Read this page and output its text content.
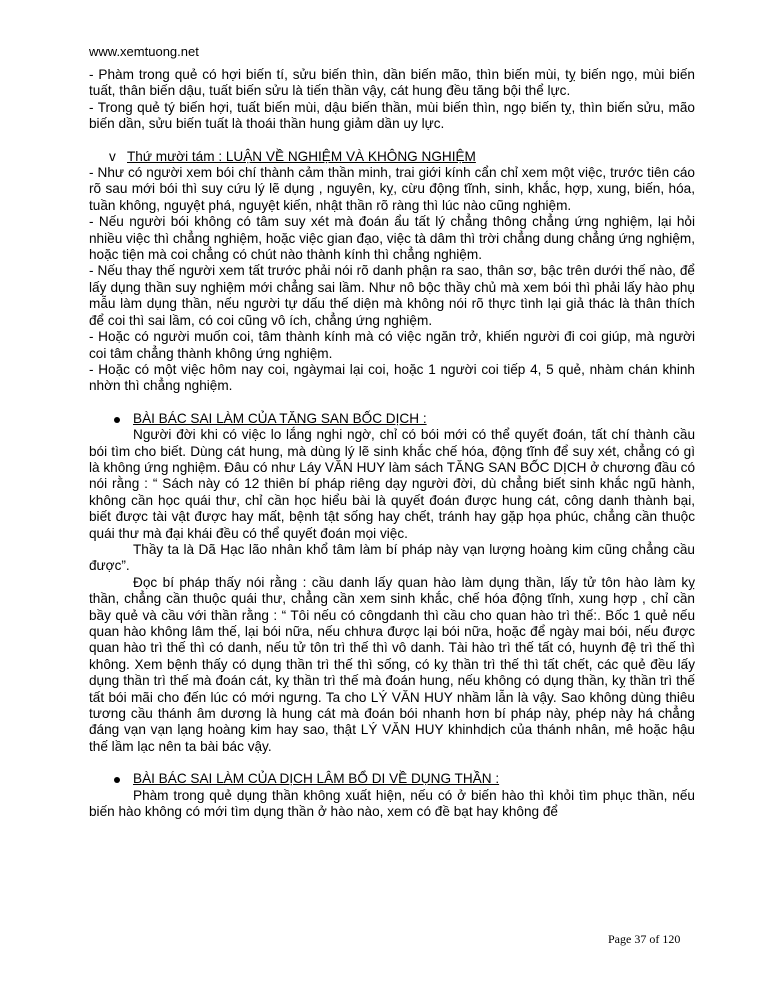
www.xemtuong.net

- Phàm trong quẻ có hợi biến tí, sửu biến thìn, dần biến mão, thìn biến mùi, tỵ biến ngọ, mùi biến tuất, thân biến dậu, tuất biến sửu là tiến thần vậy, cát hung đều tăng bội thể lực.

- Trong quẻ tý biến hợi, tuất biến mùi, dậu biến thần, mùi biến thìn, ngọ biến tỵ, thìn biến sửu, mão biến dần, sửu biến tuất là thoái thần hung giảm dần uy lực.

v Thứ mười tám : LUẬN VỀ NGHIỆM VÀ KHÔNG NGHIỆM

- Như có người xem bói chí thành cảm thần minh, trai giới kính cẩn chỉ xem một việc, trước tiên cáo rõ sau mới bói thì suy cứu lý lẽ dụng , nguyên, kỵ, cừu động tĩnh, sinh, khắc, hợp, xung, biến, hóa, tuần không, nguyệt phá, nguyệt kiến, nhật thần rõ ràng thì lúc nào cũng nghiệm.

- Nếu người bói không có tâm suy xét mà đoán ẩu tất lý chẳng thông chẳng ứng nghiệm, lại hỏi nhiều việc thì chẳng nghiệm, hoặc việc gian đạo, việc tà dâm thì trời chẳng dung chẳng ứng nghiệm, hoặc tiện mà coi chẳng có chút nào thành kính thì chẳng nghiệm.

- Nếu thay thế người xem tất trước phải nói rõ danh phận ra sao, thân sơ, bậc trên dưới thế nào, để lấy dụng thần suy nghiệm mới chẳng sai lầm. Như nô bộc thầy chủ mà xem bói thì phải lấy hào phụ mẫu làm dụng thần, nếu người tự dấu thế diện mà không nói rõ thực tình lại giả thác là thân thích để coi thì sai lầm, có coi cũng vô ích, chẳng ứng nghiệm.

- Hoặc có người muốn coi, tâm thành kính mà có việc ngăn trở, khiến người đi coi giúp, mà người coi tâm chẳng thành không ứng nghiệm.

- Hoặc có một việc hôm nay coi, ngàymai lại coi, hoặc 1 người coi tiếp 4, 5 quẻ, nhàm chán khinh nhờn thì chẳng nghiệm.

BÀI BÁC SAI LÀM CỦA TĂNG SAN BỐC DỊCH :

Người đời khi có việc lo lắng nghi ngờ, chỉ có bói mới có thể quyết đoán, tất chí thành cầu bói tìm cho biết. Dùng cát hung, mà dùng lý lẽ sinh khắc chế hóa, động tĩnh để suy xét, chẳng có gì là không ứng nghiệm. Đâu có như Láy VĂN HUY làm sách TĂNG SAN BỐC DỊCH ở chương đầu có nói rằng : “ Sách này có 12 thiên bí pháp riêng dạy người đời, dù chẳng biết sinh khắc ngũ hành, không cần học quái thư, chỉ cần học hiểu bài là quyết đoán được hung cát, công danh thành bại, biết được tài vật được hay mất, bệnh tật sống hay chết, tránh hay gặp họa phúc, chẳng cần thuộc quái thư mà đại khái đều có thể quyết đoán mọi việc.

Thầy ta là Dã Hạc lão nhân khổ tâm làm bí pháp này vạn lượng hoàng kim cũng chẳng cầu được”.

Đọc bí pháp thấy nói rằng : cầu danh lấy quan hào làm dụng thần, lấy tử tôn hào làm kỵ thần, chẳng cần thuộc quái thư, chẳng cần xem sinh khắc, chế hóa động tĩnh, xung hợp , chỉ cần bầy quẻ và cầu với thần rằng : “ Tôi nếu có côngdanh thì cầu cho quan hào trì thế:. Bốc 1 quẻ nếu quan hào không lâm thế, lại bói nữa, nếu chhưa được lại bói nữa, hoặc để ngày mai bói, nếu được quan hào trì thế thì có danh, nếu tử tôn trì thế thì vô danh. Tài hào trì thế tất có, huynh đệ trì thế thì không. Xem bệnh thấy có dụng thần trì thế thì sống, có kỵ thần trì thế thì tất chết, các quẻ đều lấy dụng thần trì thế mà đoán cát, kỵ thần trì thế mà đoán hung, nếu không có dụng thần, kỵ thần trì thế tất bói mãi cho đến lúc có mới ngưng. Ta cho LÝ VĂN HUY nhầm lẫn là vậy. Sao không dùng thiêu tương cầu thánh âm dương là hung cát mà đoán bói nhanh hơn bí pháp này, phép này há chẳng đáng vạn vạn lạng hoàng kim hay sao, thật LÝ VĂN HUY khinhdịch của thánh nhân, mê hoặc hậu thế lầm lạc nên ta bài bác vậy.

BÀI BÁC SAI LÀM CỦA DỊCH LÂM BỔ DI VỀ DỤNG THẦN :

Phàm trong quẻ dụng thần không xuất hiện, nếu có ở biến hào thì khỏi tìm phục thần, nếu biến hào không có mới tìm dụng thần ở hào nào, xem có đề bạt hay không để

Page 37 of 120
